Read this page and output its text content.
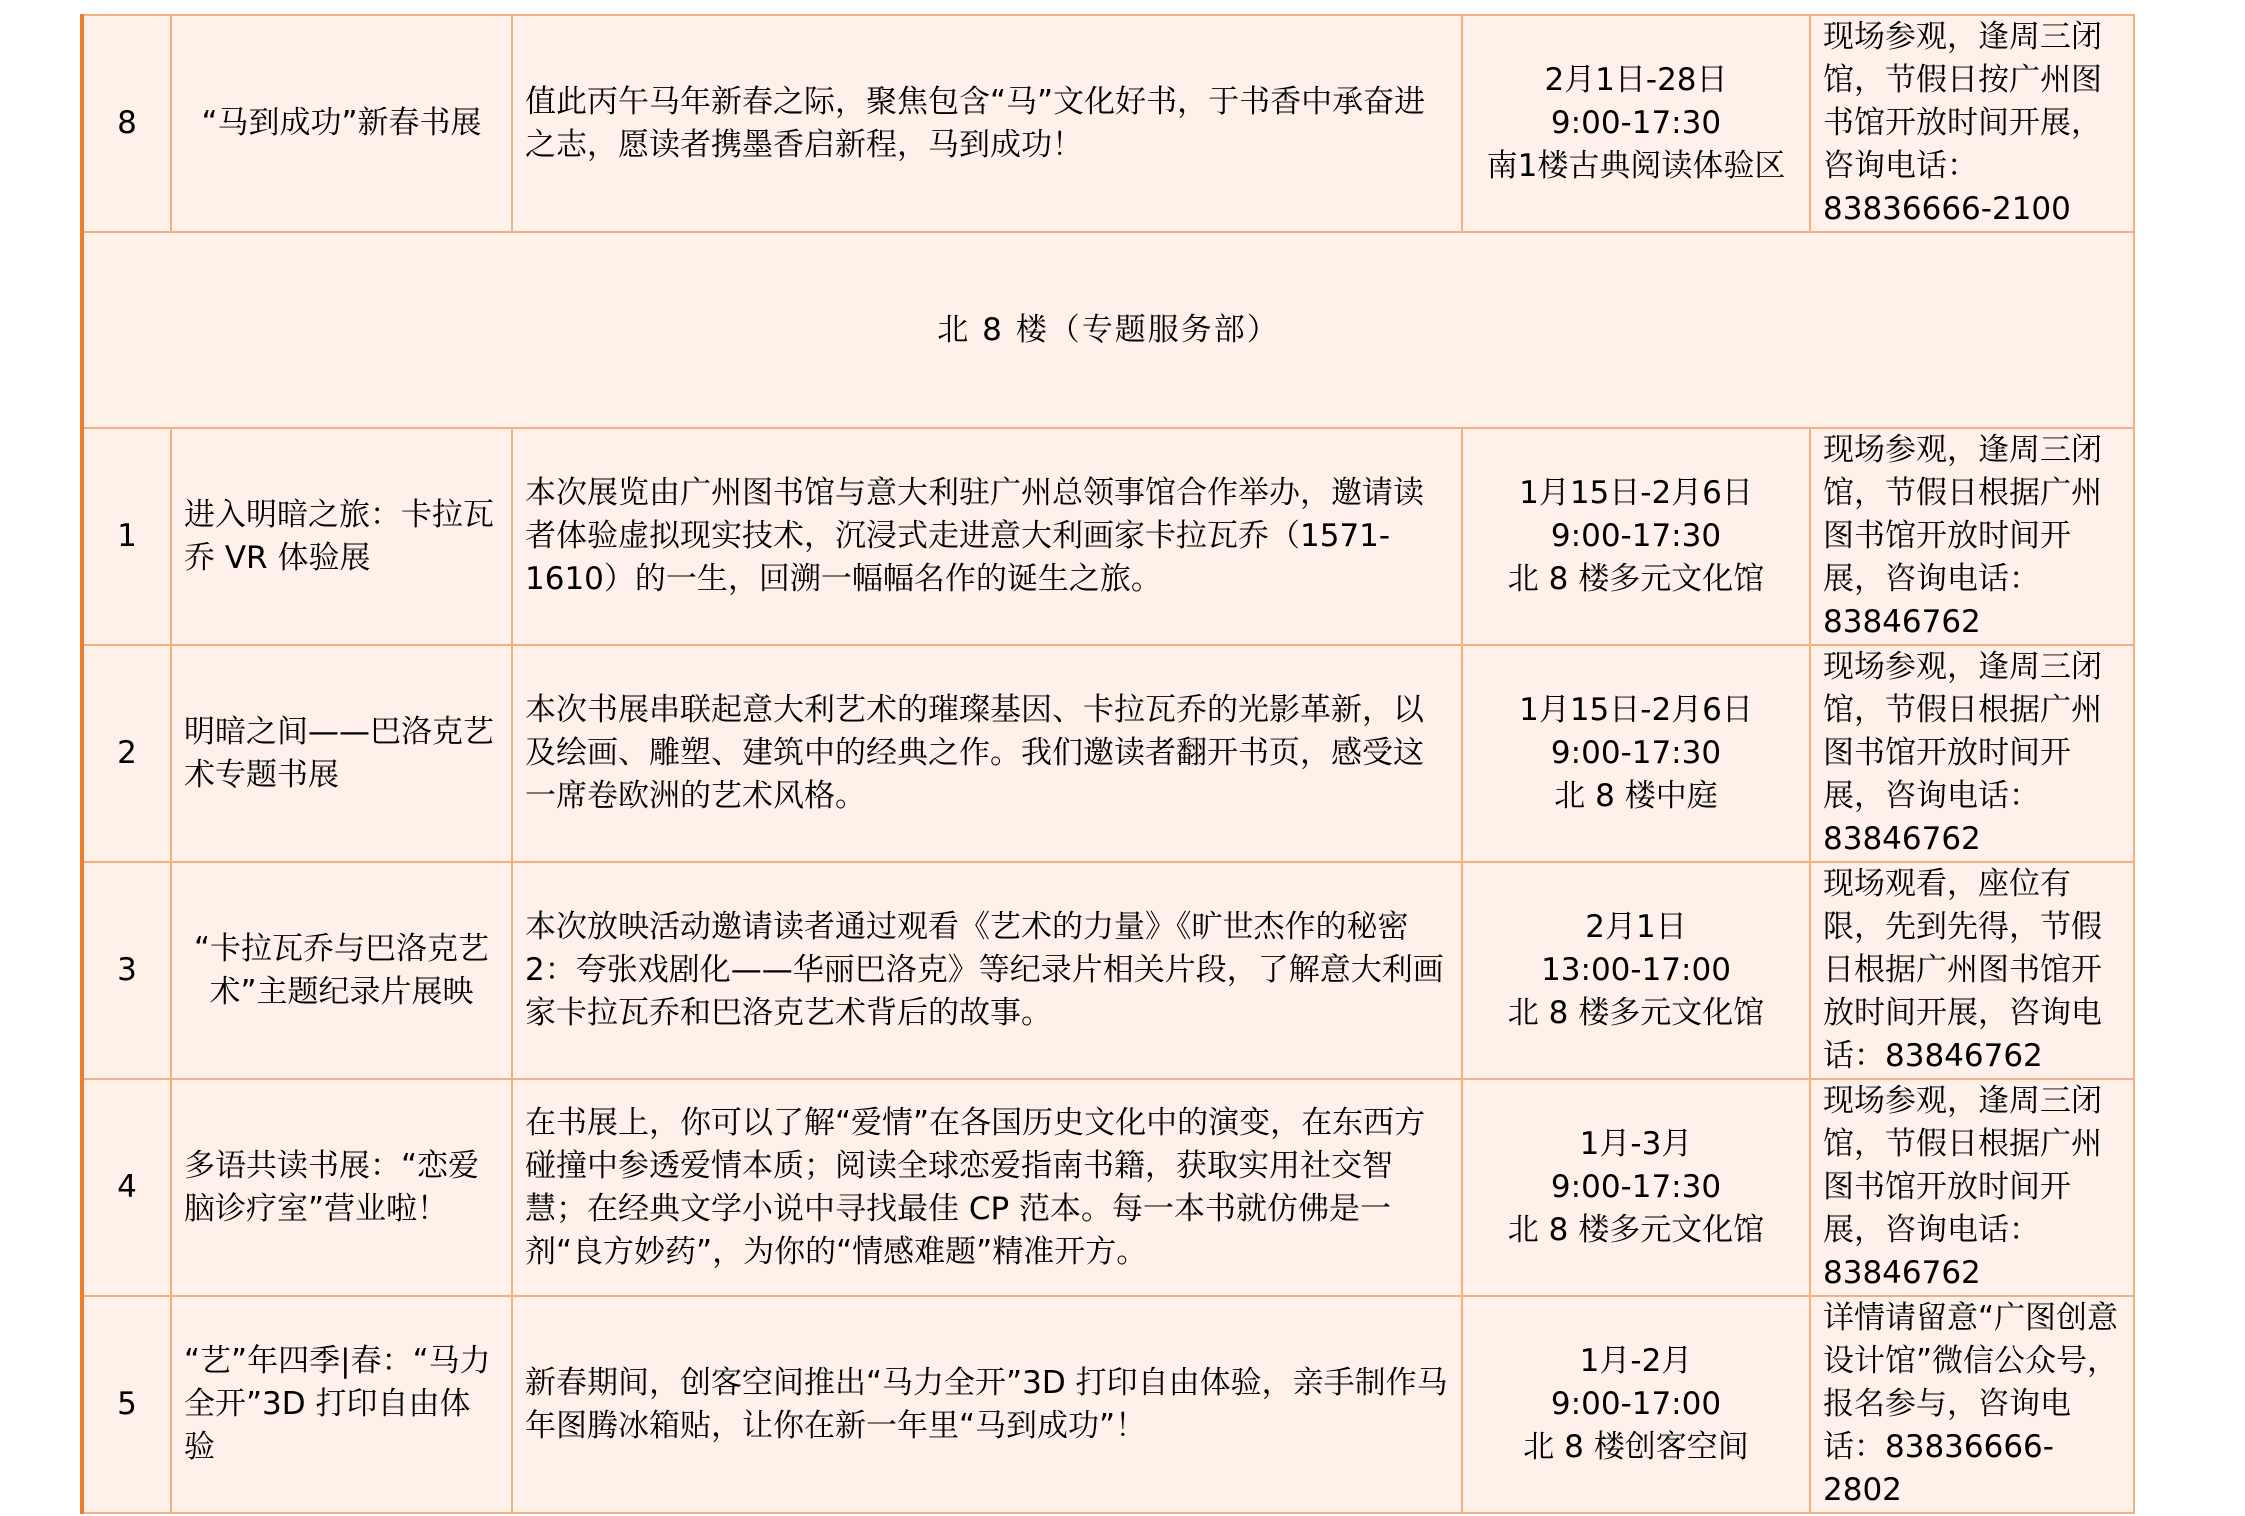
8	“马到成功”新春书展	值此丙午马年新春之际，聚焦包含“马”文化好书，于书香中承奋进之志，愿读者携墨香启新程，马到成功！	2月1日-28日
9:00-17:30
南1楼古典阅读体验区	现场参观，逢周三闭馆，节假日按广州图书馆开放时间开展，咨询电话：83836666-2100
北 8 楼（专题服务部）				
1	进入明暗之旅：卡拉瓦乔 VR 体验展	本次展览由广州图书馆与意大利驻广州总领事馆合作举办，邀请读者体验虚拟现实技术，沉浸式走进意大利画家卡拉瓦乔（1571-1610）的一生，回溯一幅幅名作的诞生之旅。	1月15日-2月6日
9:00-17:30
北 8 楼多元文化馆	现场参观，逢周三闭馆，节假日根据广州图书馆开放时间开展，咨询电话：83846762
2	明暗之间——巴洛克艺术专题书展	本次书展串联起意大利艺术的璀璨基因、卡拉瓦乔的光影革新，以及绘画、雕塑、建筑中的经典之作。我们邀读者翻开书页，感受这一席卷欧洲的艺术风格。	1月15日-2月6日
9:00-17:30
北 8 楼中庭	现场参观，逢周三闭馆，节假日根据广州图书馆开放时间开展，咨询电话：83846762
3	“卡拉瓦乔与巴洛克艺术”主题纪录片展映	本次放映活动邀请读者通过观看《艺术的力量》《旷世杰作的秘密 2：夸张戏剧化——华丽巴洛克》等纪录片相关片段，了解意大利画家卡拉瓦乔和巴洛克艺术背后的故事。	2月1日
13:00-17:00
北 8 楼多元文化馆	现场观看，座位有限，先到先得，节假日根据广州图书馆开放时间开展，咨询电话：83846762
4	多语共读书展：“恋爱脑诊疗室”营业啦！	在书展上，你可以了解“爱情”在各国历史文化中的演变，在东西方碰撞中参透爱情本质；阅读全球恋爱指南书籍，获取实用社交智慧；在经典文学小说中寻找最佳 CP 范本。每一本书就仿佛是一剂“良方妙药”，为你的“情感难题”精准开方。	1月-3月
9:00-17:30
北 8 楼多元文化馆	现场参观，逢周三闭馆，节假日根据广州图书馆开放时间开展，咨询电话：83846762
5	“艺”年四季|春：“马力全开”3D 打印自由体验	新春期间，创客空间推出“马力全开”3D 打印自由体验，亲手制作马年图腾冰箱贴，让你在新一年里“马到成功”！	1月-2月
9:00-17:00
北 8 楼创客空间	详情请留意“广图创意设计馆”微信公众号，报名参与，咨询电话：83836666-2802
